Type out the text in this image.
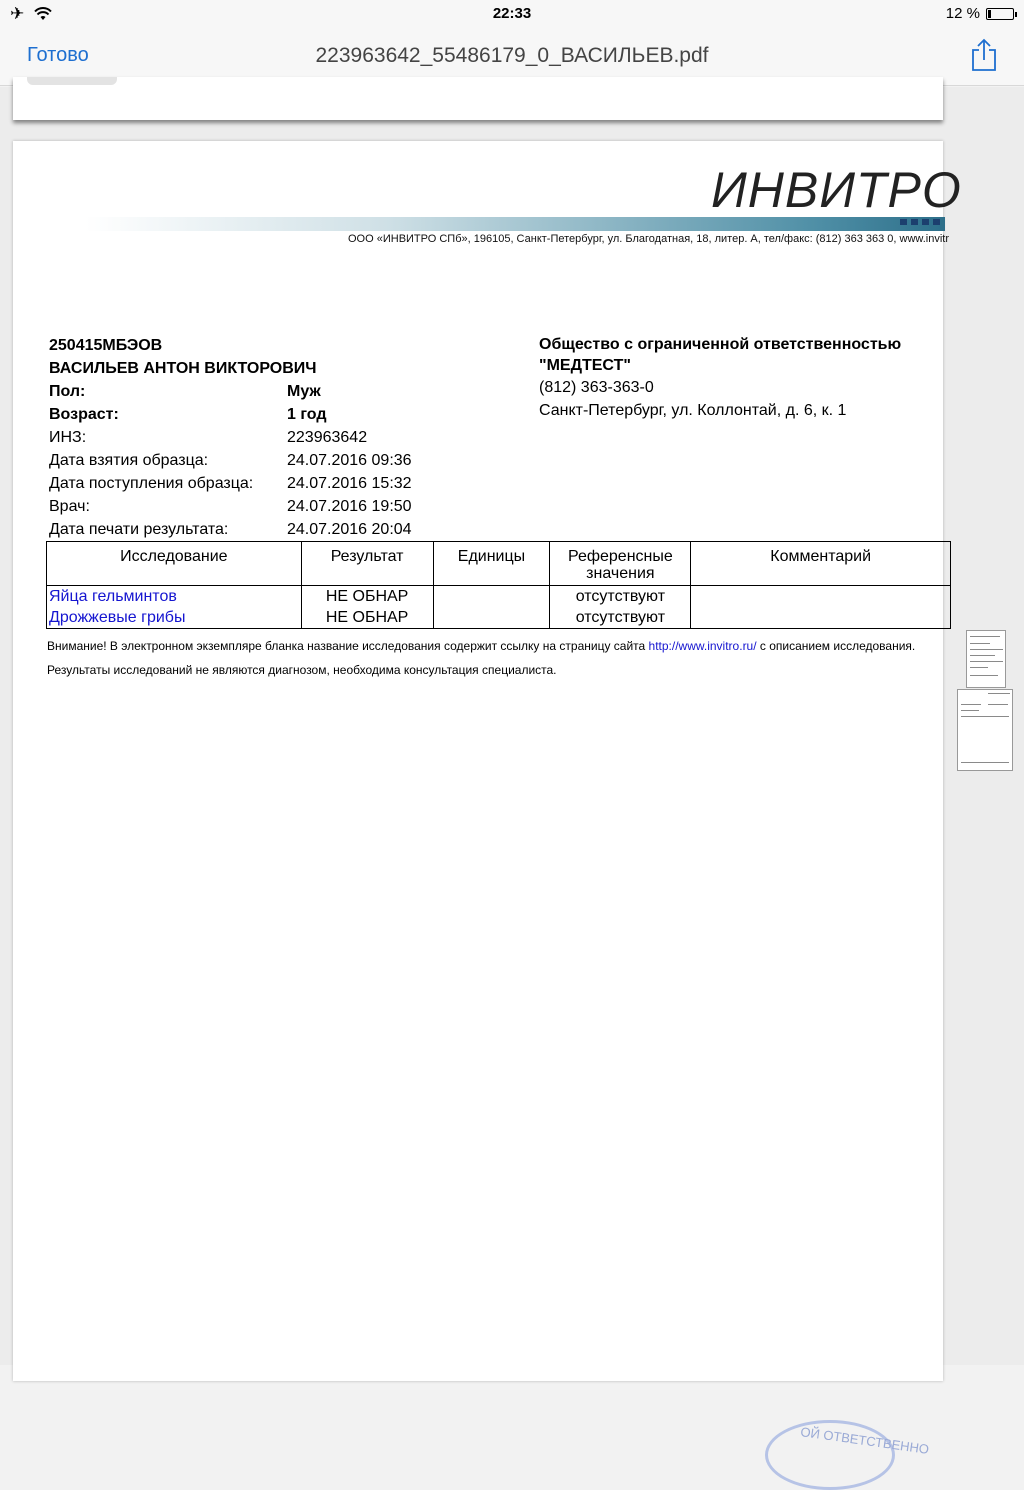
✈	22:33	12 %
Готово	223963642_55486179_0_ВАСИЛЬЕВ.pdf
ИНВИТРО
ООО «ИНВИТРО СПб», 196105, Санкт-Петербург, ул. Благодатная, 18, литер. А, тел/факс: (812) 363 363 0, www.invitr
250415МБЭОВ
ВАСИЛЬЕВ АНТОН ВИКТОРОВИЧ
Пол:	Муж
Возраст:	1 год
ИНЗ:	223963642
Дата взятия образца:	24.07.2016 09:36
Дата поступления образца: 24.07.2016 15:32
Врач:	24.07.2016 19:50
Дата печати результата:	24.07.2016 20:04
Общество с ограниченной ответственностью
"МЕДТЕСТ"
(812) 363-363-0
Санкт-Петербург, ул. Коллонтай, д. 6, к. 1
Исследование	Результат	Единицы	Референсные значения	Комментарий
Яйца гельминтов	НЕ ОБНАР		отсутствуют	
Дрожжевые грибы	НЕ ОБНАР		отсутствуют	

Внимание! В электронном экземпляре бланка название исследования содержит ссылку на страницу сайта http://www.invitro.ru/ с описанием исследования.

Результаты исследований не являются диагнозом, необходима консультация специалиста.

ОЙ ОТВЕТСТВЕННО
